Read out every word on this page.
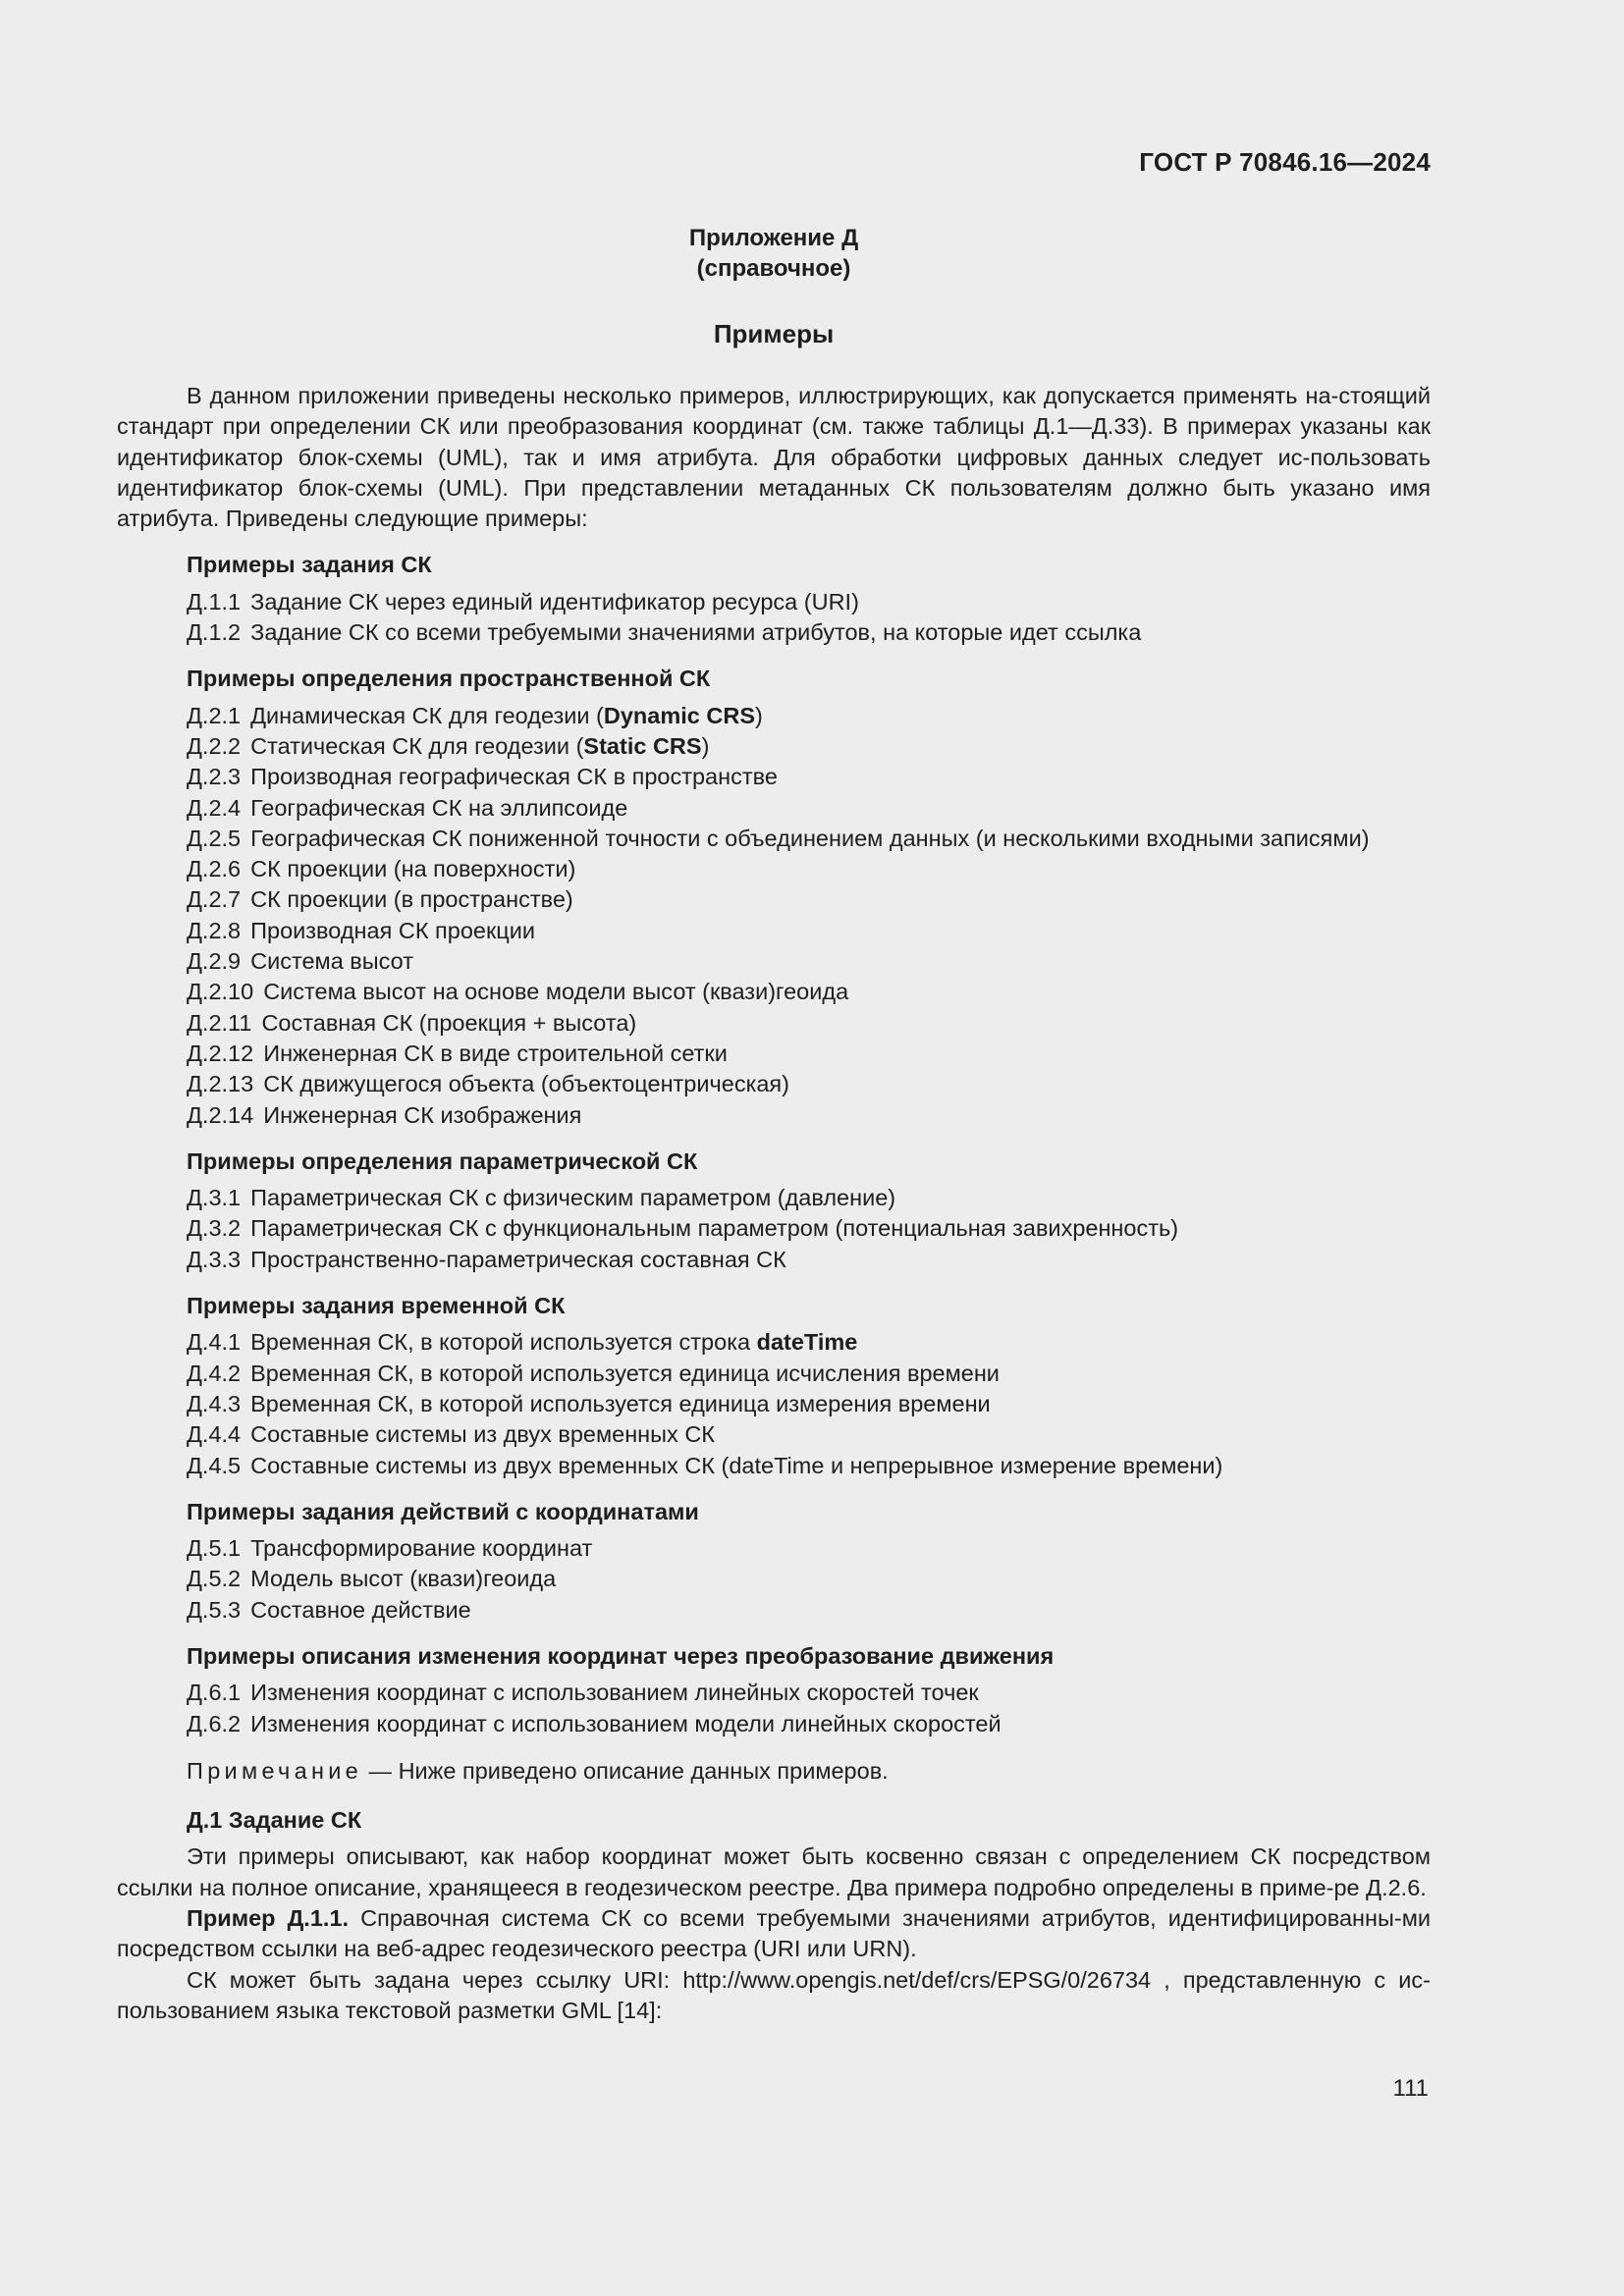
ГОСТ Р 70846.16—2024
Приложение Д
(справочное)
Примеры

В данном приложении приведены несколько примеров, иллюстрирующих, как допускается применять на-стоящий стандарт при определении СК или преобразования координат (см. также таблицы Д.1—Д.33). В примерах указаны как идентификатор блок-схемы (UML), так и имя атрибута. Для обработки цифровых данных следует ис-пользовать идентификатор блок-схемы (UML). При представлении метаданных СК пользователям должно быть указано имя атрибута. Приведены следующие примеры:

Примеры задания СК

Д.1.1 Задание СК через единый идентификатор ресурса (URI)

Д.1.2 Задание СК со всеми требуемыми значениями атрибутов, на которые идет ссылка

Примеры определения пространственной СК

Д.2.1 Динамическая СК для геодезии (Dynamic CRS)

Д.2.2 Статическая СК для геодезии (Static CRS)

Д.2.3 Производная географическая СК в пространстве

Д.2.4 Географическая СК на эллипсоиде

Д.2.5 Географическая СК пониженной точности с объединением данных (и несколькими входными записями)

Д.2.6 СК проекции (на поверхности)

Д.2.7 СК проекции (в пространстве)

Д.2.8 Производная СК проекции

Д.2.9 Система высот

Д.2.10 Система высот на основе модели высот (квази)геоида

Д.2.11 Составная СК (проекция + высота)

Д.2.12 Инженерная СК в виде строительной сетки

Д.2.13 СК движущегося объекта (объектоцентрическая)

Д.2.14 Инженерная СК изображения

Примеры определения параметрической СК

Д.3.1 Параметрическая СК с физическим параметром (давление)

Д.3.2 Параметрическая СК с функциональным параметром (потенциальная завихренность)

Д.3.3 Пространственно-параметрическая составная СК

Примеры задания временной СК

Д.4.1 Временная СК, в которой используется строка dateTime

Д.4.2 Временная СК, в которой используется единица исчисления времени

Д.4.3 Временная СК, в которой используется единица измерения времени

Д.4.4 Составные системы из двух временных СК

Д.4.5 Составные системы из двух временных СК (dateTime и непрерывное измерение времени)

Примеры задания действий с координатами

Д.5.1 Трансформирование координат

Д.5.2 Модель высот (квази)геоида

Д.5.3 Составное действие

Примеры описания изменения координат через преобразование движения

Д.6.1 Изменения координат с использованием линейных скоростей точек

Д.6.2 Изменения координат с использованием модели линейных скоростей

Примечание — Ниже приведено описание данных примеров.

Д.1 Задание СК

Эти примеры описывают, как набор координат может быть косвенно связан с определением СК посредством ссылки на полное описание, хранящееся в геодезическом реестре. Два примера подробно определены в приме-ре Д.2.6.

Пример Д.1.1. Справочная система СК со всеми требуемыми значениями атрибутов, идентифицированны-ми посредством ссылки на веб-адрес геодезического реестра (URI или URN).

СК может быть задана через ссылку URI: http://www.opengis.net/def/crs/EPSG/0/26734 , представленную с ис-пользованием языка текстовой разметки GML [14]:

111
